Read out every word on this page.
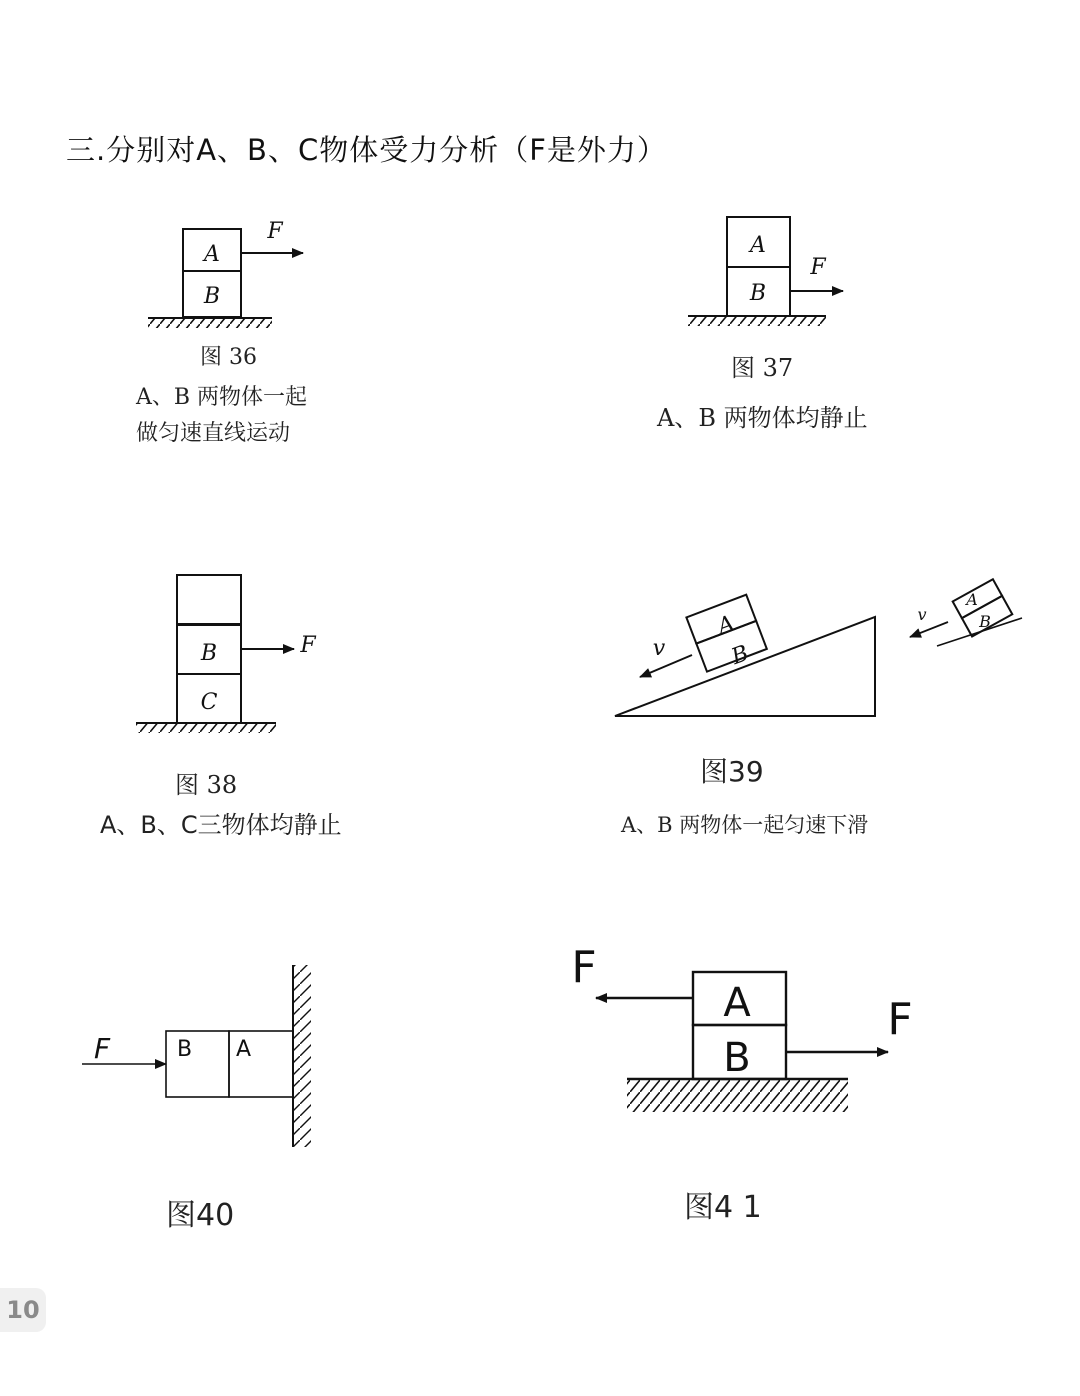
三.分别对A、B、C物体受力分析（F是外力）
A
B
F
A
B
F
B
C
F
A
B
v
A
B
v
B A
F
A
B
F
F
图 36
A、B 两物体一起
做匀速直线运动
图 37
A、B 两物体均静止
图 38
A、B、C三物体均静止
图39
A、B 两物体一起匀速下滑
图40	图4 1
10
